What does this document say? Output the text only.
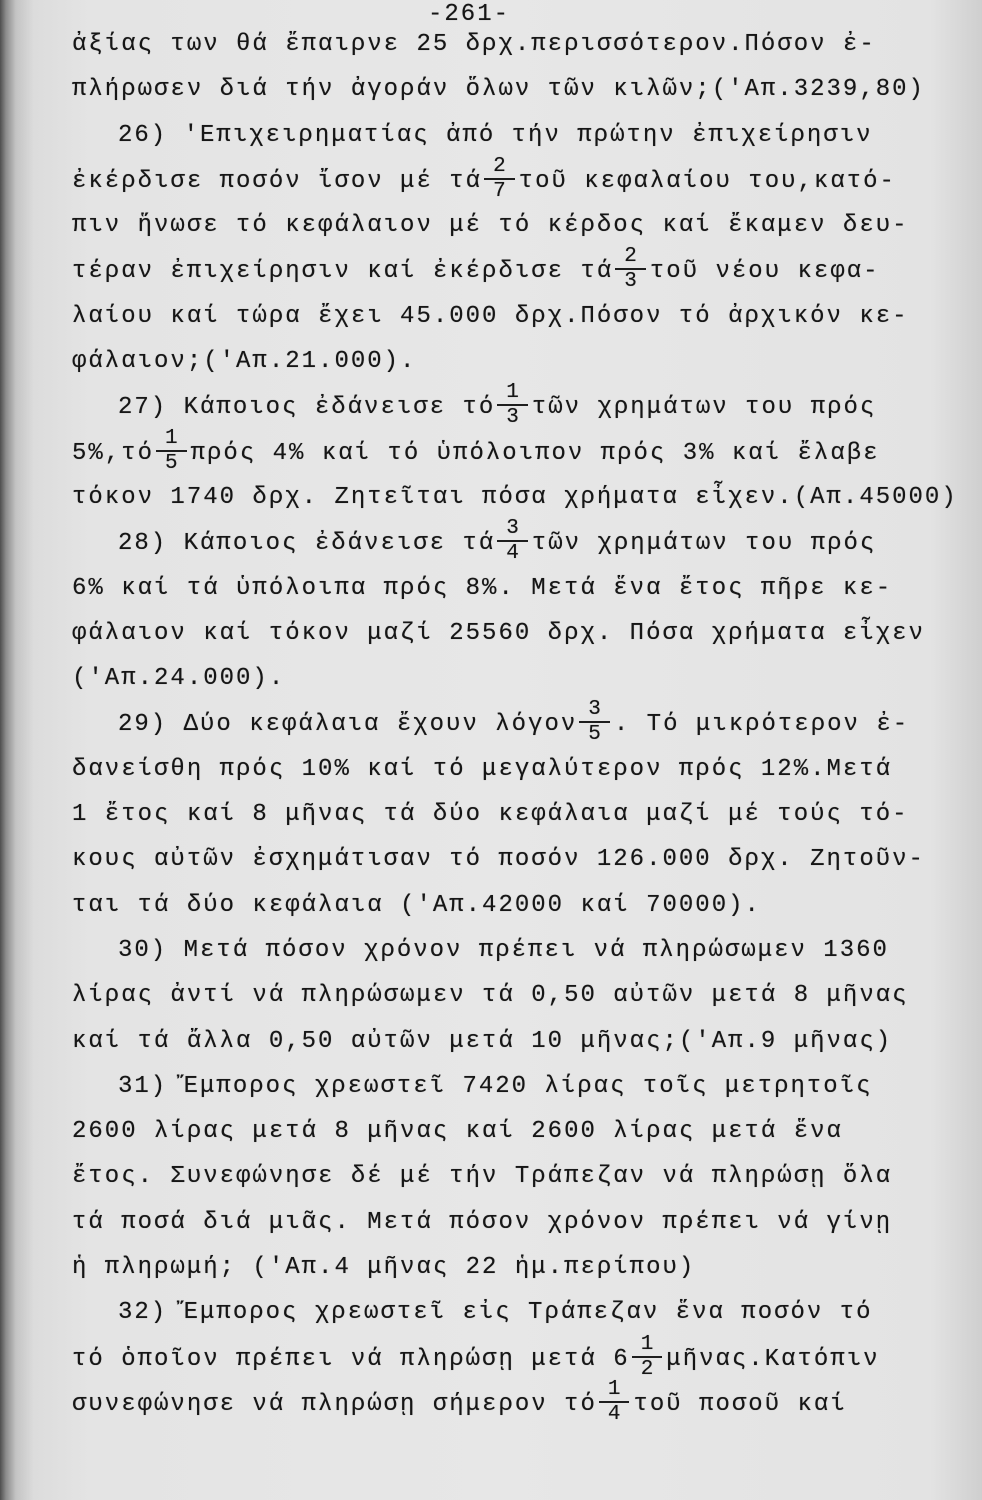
-261-
ἀξίας των θά ἔπαιρνε 25 δρχ.περισσότερον.Πόσον ἐ-
πλήρωσεν διά τήν ἀγοράν ὅλων τῶν κιλῶν;('Απ.3239,80)
26) 'Επιχειρηματίας ἀπό τήν πρώτην ἐπιχείρησιν
ἐκέρδισε ποσόν ἴσον μέ τά $\frac{2}{7}$ τοῦ κεφαλαίου του,κατό-
πιν ἥνωσε τό κεφάλαιον μέ τό κέρδος καί ἔκαμεν δευ-
τέραν ἐπιχείρησιν καί ἐκέρδισε τά $\frac{2}{3}$ τοῦ νέου κεφα-
λαίου καί τώρα ἔχει 45.000 δρχ.Πόσον τό ἀρχικόν κε-
φάλαιον;('Απ.21.000).
27) Κάποιος ἐδάνεισε τό $\frac{1}{3}$ τῶν χρημάτων του πρός
$5\%,\tau ό \frac{1}{5}$ πρός 4% καί τό ὑπόλοιπον πρός 3% καί ἔλαβε
τόκον 1740 δρχ. Ζητεῖται πόσα χρήματα εἶχεν.(Απ.45000)
28) Κάποιος ἐδάνεισε τά $\frac{3}{4}$ τῶν χρημάτων του πρός
6% καί τά ὑπόλοιπα πρός 8%. Μετά ἕνα ἔτος πῆρε κε-
φάλαιον καί τόκον μαζί 25560 δρχ. Πόσα χρήματα εἶχεν
('Απ.24.000).
29) Δύο κεφάλαια ἔχουν λόγον $\frac{3}{5}$ . Τό μικρότερον ἐ-
δανείσθη πρός 10% καί τό μεγαλύτερον πρός 12%.Μετά
1 ἔτος καί 8 μῆνας τά δύο κεφάλαια μαζί μέ τούς τό-
κους αὐτῶν ἐσχημάτισαν τό ποσόν 126.000 δρχ. Ζητοῦν-
ται τά δύο κεφάλαια ('Απ.42000 καί 70000).
30) Μετά πόσον χρόνον πρέπει νά πληρώσωμεν 1360
λίρας ἀντί νά πληρώσωμεν τά 0,50 αὐτῶν μετά 8 μῆνας
καί τά ἄλλα 0,50 αὐτῶν μετά 10 μῆνας;('Απ.9 μῆνας)
31) Ἔμπορος χρεωστεῖ 7420 λίρας τοῖς μετρητοῖς
2600 λίρας μετά 8 μῆνας καί 2600 λίρας μετά ἕνα
ἔτος. Συνεφώνησε δέ μέ τήν Τράπεζαν νά πληρώσῃ ὅλα
τά ποσά διά μιᾶς. Μετά πόσον χρόνον πρέπει νά γίνῃ
ἡ πληρωμή; ('Απ.4 μῆνας 22 ἡμ.περίπου)
32) Ἔμπορος χρεωστεῖ εἰς Τράπεζαν ἕνα ποσόν τό
τό ὁποῖον πρέπει νά πληρώσῃ μετά $6 \frac{1}{2}$ μῆνας.Κατόπιν
συνεφώνησε νά πληρώσῃ σήμερον τό $\frac{1}{4}$ τοῦ ποσοῦ καί
